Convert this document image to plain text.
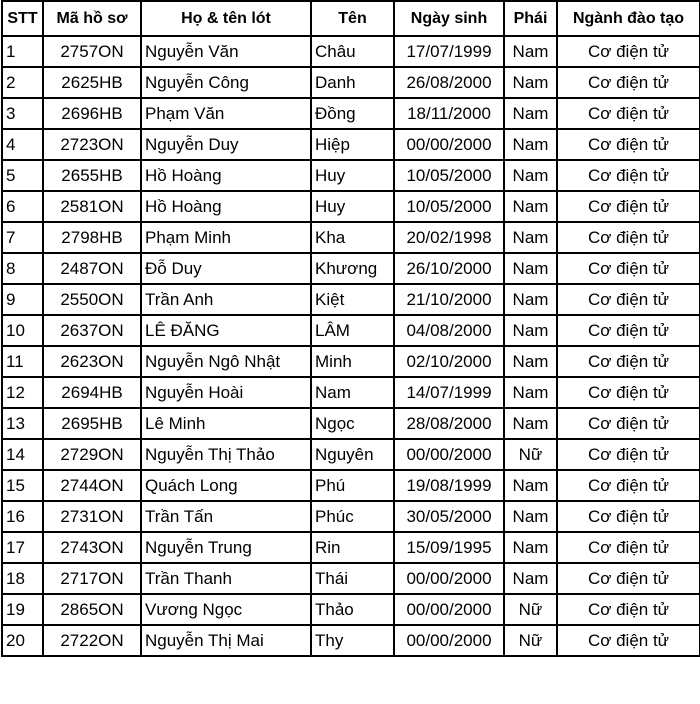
STT	Mã hồ sơ	Họ & tên lót	Tên	Ngày sinh	Phái	Ngành đào tạo
1	2757ON	Nguyễn Văn	Châu	17/07/1999	Nam	Cơ điện tử
2	2625HB	Nguyễn Công	Danh	26/08/2000	Nam	Cơ điện tử
3	2696HB	Phạm Văn	Đồng	18/11/2000	Nam	Cơ điện tử
4	2723ON	Nguyễn Duy	Hiệp	00/00/2000	Nam	Cơ điện tử
5	2655HB	Hồ Hoàng	Huy	10/05/2000	Nam	Cơ điện tử
6	2581ON	Hồ Hoàng	Huy	10/05/2000	Nam	Cơ điện tử
7	2798HB	Phạm Minh	Kha	20/02/1998	Nam	Cơ điện tử
8	2487ON	Đỗ Duy	Khương	26/10/2000	Nam	Cơ điện tử
9	2550ON	Trần Anh	Kiệt	21/10/2000	Nam	Cơ điện tử
10	2637ON	LÊ ĐĂNG	LÂM	04/08/2000	Nam	Cơ điện tử
11	2623ON	Nguyễn Ngô Nhật	Minh	02/10/2000	Nam	Cơ điện tử
12	2694HB	Nguyễn Hoài	Nam	14/07/1999	Nam	Cơ điện tử
13	2695HB	Lê Minh	Ngọc	28/08/2000	Nam	Cơ điện tử
14	2729ON	Nguyễn Thị Thảo	Nguyên	00/00/2000	Nữ	Cơ điện tử
15	2744ON	Quách Long	Phú	19/08/1999	Nam	Cơ điện tử
16	2731ON	Trần Tấn	Phúc	30/05/2000	Nam	Cơ điện tử
17	2743ON	Nguyễn Trung	Rin	15/09/1995	Nam	Cơ điện tử
18	2717ON	Trần Thanh	Thái	00/00/2000	Nam	Cơ điện tử
19	2865ON	Vương Ngọc	Thảo	00/00/2000	Nữ	Cơ điện tử
20	2722ON	Nguyễn Thị Mai	Thy	00/00/2000	Nữ	Cơ điện tử
